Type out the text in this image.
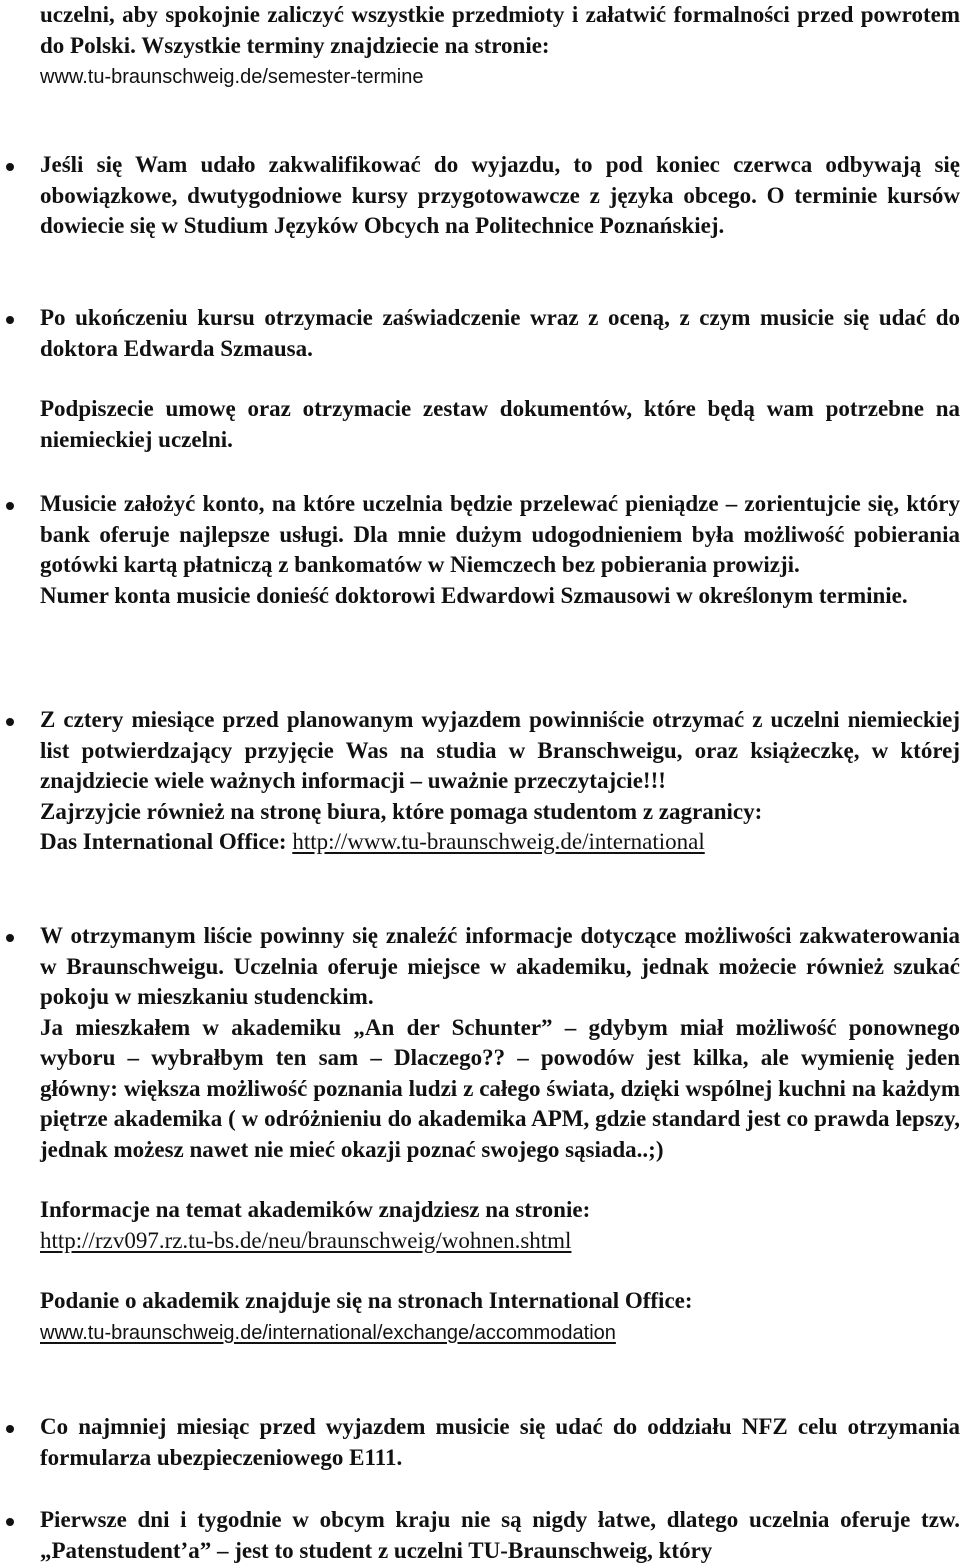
uczelni, aby spokojnie zaliczyć wszystkie przedmioty i załatwić formalności przed powrotem do Polski. Wszystkie terminy znajdziecie na stronie:

www.tu-braunschweig.de/semester-termine

Jeśli się Wam udało zakwalifikować do wyjazdu, to pod koniec czerwca odbywają się obowiązkowe, dwutygodniowe kursy przygotowawcze z języka obcego. O terminie kursów dowiecie się w Studium Języków Obcych na Politechnice Poznańskiej.

Po ukończeniu kursu otrzymacie zaświadczenie wraz z oceną, z czym musicie się udać do doktora Edwarda Szmausa.

Podpiszecie umowę oraz otrzymacie zestaw dokumentów, które będą wam potrzebne na niemieckiej uczelni.

Musicie założyć konto, na które uczelnia będzie przelewać pieniądze – zorientujcie się, który bank oferuje najlepsze usługi. Dla mnie dużym udogodnieniem była możliwość pobierania gotówki kartą płatniczą z bankomatów w Niemczech bez pobierania prowizji.

Numer konta musicie donieść doktorowi Edwardowi Szmausowi w określonym terminie.

Z cztery miesiące przed planowanym wyjazdem powinniście otrzymać z uczelni niemieckiej list potwierdzający przyjęcie Was na studia w Branschweigu, oraz książeczkę, w której znajdziecie wiele ważnych informacji – uważnie przeczytajcie!!!

Zajrzyjcie również na stronę biura, które pomaga studentom z zagranicy:

Das International Office: http://www.tu-braunschweig.de/international

W otrzymanym liście powinny się znaleźć informacje dotyczące możliwości zakwaterowania w Braunschweigu. Uczelnia oferuje miejsce w akademiku, jednak możecie również szukać pokoju w mieszkaniu studenckim.

Ja mieszkałem w akademiku „An der Schunter” – gdybym miał możliwość ponownego wyboru – wybrałbym ten sam – Dlaczego?? – powodów jest kilka, ale wymienię jeden główny: większa możliwość poznania ludzi z całego świata, dzięki wspólnej kuchni na każdym piętrze akademika ( w odróżnieniu do akademika APM, gdzie standard jest co prawda lepszy, jednak możesz nawet nie mieć okazji poznać swojego sąsiada..;)

Informacje na temat akademików znajdziesz na stronie:

http://rzv097.rz.tu-bs.de/neu/braunschweig/wohnen.shtml

Podanie o akademik znajduje się na stronach International Office:

www.tu-braunschweig.de/international/exchange/accommodation

Co najmniej miesiąc przed wyjazdem musicie się udać do oddziału NFZ celu otrzymania formularza ubezpieczeniowego E111.

Pierwsze dni i tygodnie w obcym kraju nie są nigdy łatwe, dlatego uczelnia oferuje tzw. „Patenstudent’a” – jest to student z uczelni TU-Braunschweig, który
